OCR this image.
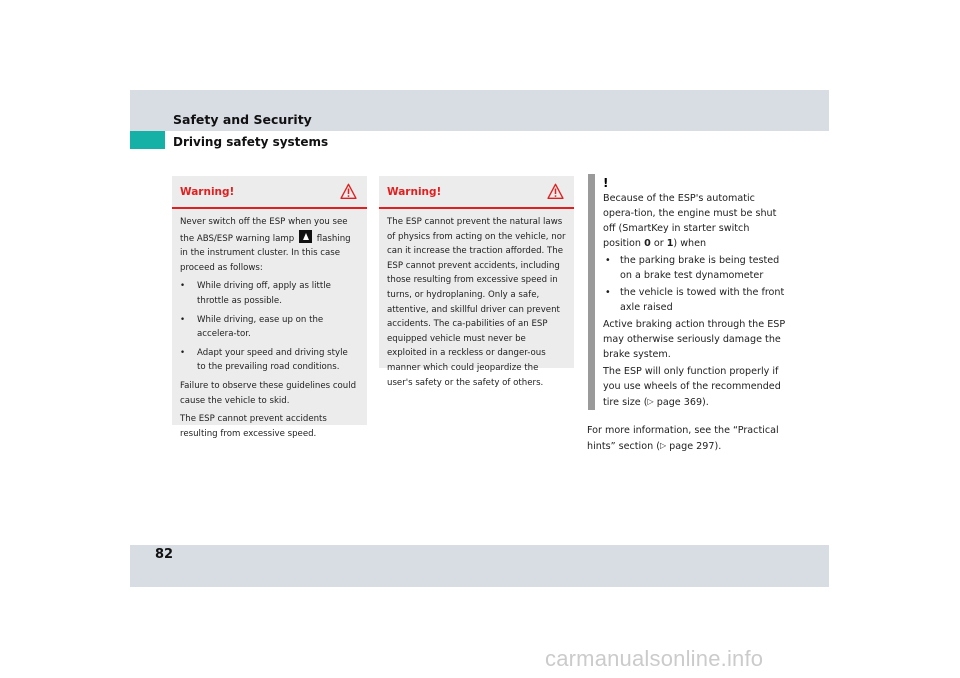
Safety and Security
Driving safety systems
Warning!

Never switch off the ESP when you see the ABS/ESP warning lamp	flashing in the instrument cluster. In this case proceed as follows:

• While driving off, apply as little throttle as possible.
• While driving, ease up on the accelera-tor.
• Adapt your speed and driving style to the prevailing road conditions.

Failure to observe these guidelines could cause the vehicle to skid.

The ESP cannot prevent accidents resulting from excessive speed.

Warning!

The ESP cannot prevent the natural laws of physics from acting on the vehicle, nor can it increase the traction afforded. The ESP cannot prevent accidents, including those resulting from excessive speed in turns, or hydroplaning. Only a safe, attentive, and skillful driver can prevent accidents. The ca-pabilities of an ESP equipped vehicle must never be exploited in a reckless or danger-ous manner which could jeopardize the user's safety or the safety of others.

!

Because of the ESP's automatic opera-tion, the engine must be shut off (SmartKey in starter switch position 0 or 1) when

• the parking brake is being tested on a brake test dynamometer
• the vehicle is towed with the front axle raised

Active braking action through the ESP may otherwise seriously damage the brake system.

The ESP will only function properly if you use wheels of the recommended tire size (▷ page 369).

For more information, see the “Practical hints” section (▷ page 297).
82
carmanualsonline.info
